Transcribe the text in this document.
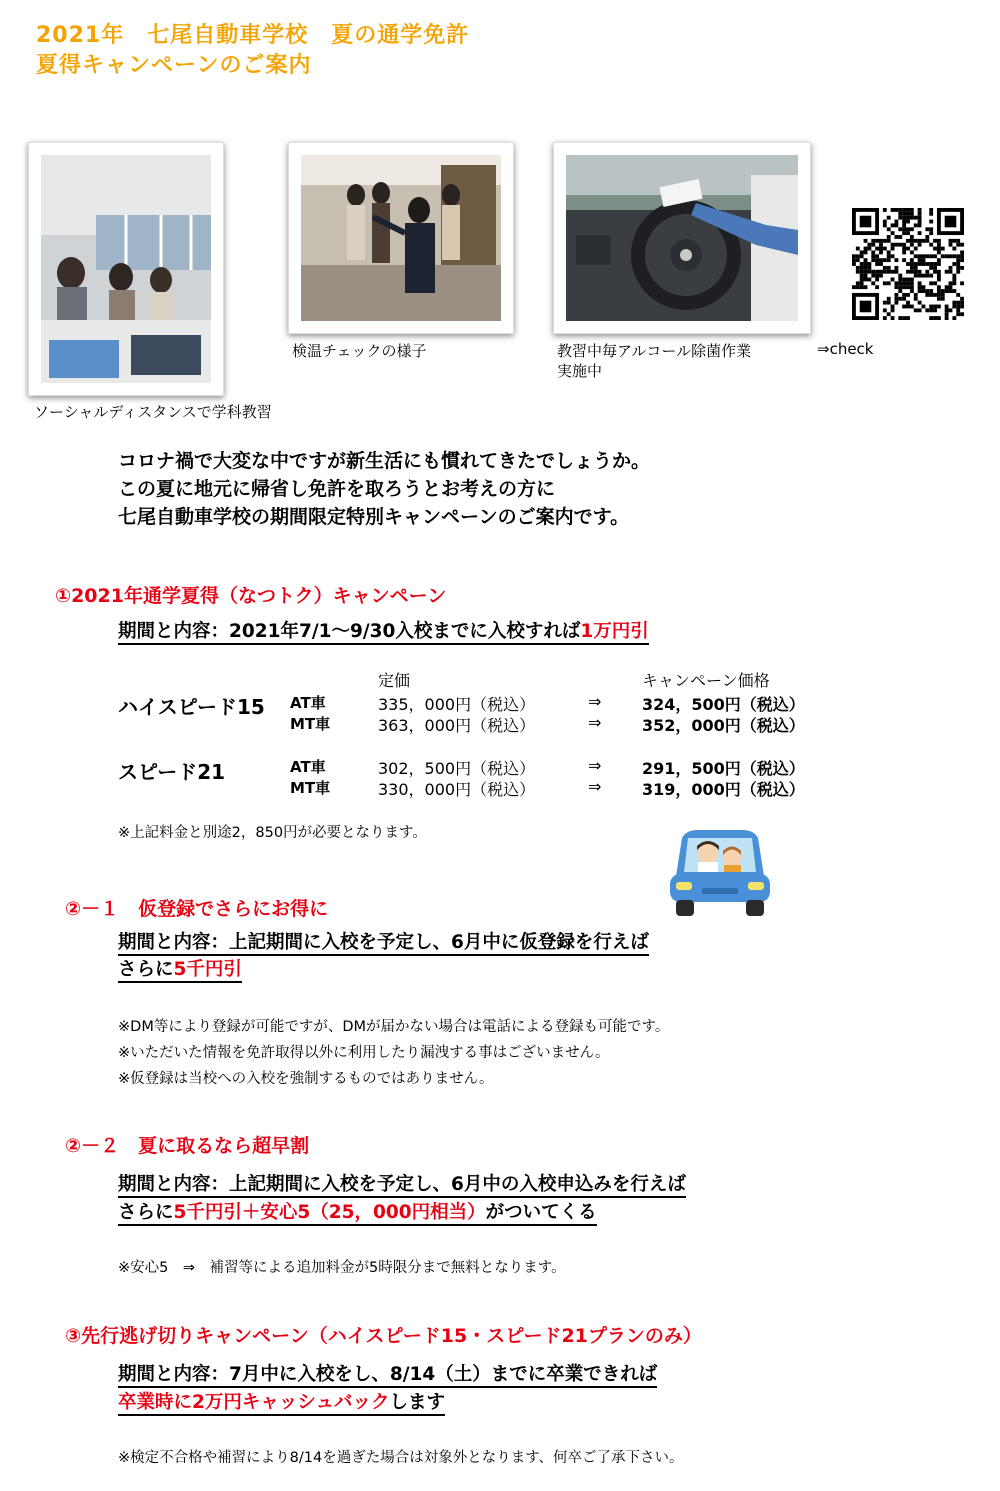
2021年　七尾自動車学校　夏の通学免許
夏得キャンペーンのご案内
ソーシャルディスタンスで学科教習
検温チェックの様子	教習中毎アルコール除菌作業
実施中
⇒check
コロナ禍で大変な中ですが新生活にも慣れてきたでしょうか。
この夏に地元に帰省し免許を取ろうとお考えの方に
七尾自動車学校の期間限定特別キャンペーンのご案内です。
①2021年通学夏得（なつトク）キャンペーン
期間と内容：2021年7/1～9/30入校までに入校すれば1万円引
定価	キャンペーン価格
ハイスピード15 AT車	335，000円（税込）	⇒	324，500円（税込）
MT車	363，000円（税込）	⇒	352，000円（税込）
スピード21	AT車	302，500円（税込）	⇒	291，500円（税込）
MT車	330，000円（税込）	⇒	319，000円（税込）
※上記料金と別途2，850円が必要となります。
②－１　仮登録でさらにお得に
期間と内容：上記期間に入校を予定し、6月中に仮登録を行えば
さらに5千円引
※DM等により登録が可能ですが、DMが届かない場合は電話による登録も可能です。
※いただいた情報を免許取得以外に利用したり漏洩する事はございません。
※仮登録は当校への入校を強制するものではありません。
②－２　夏に取るなら超早割
期間と内容：上記期間に入校を予定し、6月中の入校申込みを行えば
さらに5千円引＋安心5（25，000円相当）がついてくる
※安心5　⇒　補習等による追加料金が5時限分まで無料となります。
③先行逃げ切りキャンペーン（ハイスピード15・スピード21プランのみ）
期間と内容：7月中に入校をし、8/14（土）までに卒業できれば
卒業時に2万円キャッシュバックします
※検定不合格や補習により8/14を過ぎた場合は対象外となります、何卒ご了承下さい。
